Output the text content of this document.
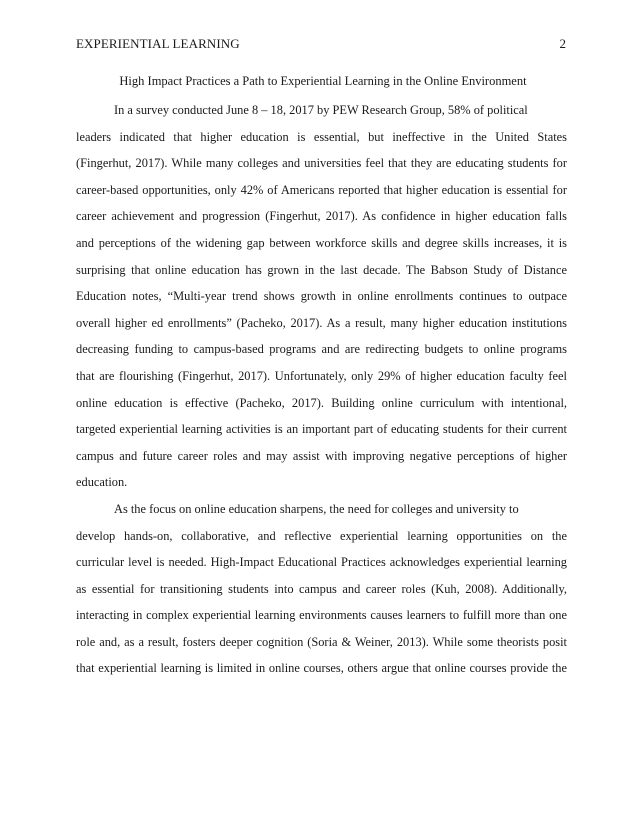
EXPERIENTIAL LEARNING	2
High Impact Practices a Path to Experiential Learning in the Online Environment
In a survey conducted June 8 – 18, 2017 by PEW Research Group, 58% of political
leaders indicated that higher education is essential, but ineffective in the United States
(Fingerhut, 2017). While many colleges and universities feel that they are educating students for
career-based opportunities, only 42% of Americans reported that higher education is essential for
career achievement and progression (Fingerhut, 2017). As confidence in higher education falls
and perceptions of the widening gap between workforce skills and degree skills increases, it is
surprising that online education has grown in the last decade. The Babson Study of Distance
Education notes, “Multi-year trend shows growth in online enrollments continues to outpace
overall higher ed enrollments” (Pacheko, 2017). As a result, many higher education institutions
decreasing funding to campus-based programs and are redirecting budgets to online programs
that are flourishing (Fingerhut, 2017). Unfortunately, only 29% of higher education faculty feel
online education is effective (Pacheko, 2017). Building online curriculum with intentional,
targeted experiential learning activities is an important part of educating students for their current
campus and future career roles and may assist with improving negative perceptions of higher
education.
As the focus on online education sharpens, the need for colleges and university to
develop hands-on, collaborative, and reflective experiential learning opportunities on the
curricular level is needed. High-Impact Educational Practices acknowledges experiential learning
as essential for transitioning students into campus and career roles (Kuh, 2008). Additionally,
interacting in complex experiential learning environments causes learners to fulfill more than one
role and, as a result, fosters deeper cognition (Soria & Weiner, 2013). While some theorists posit
that experiential learning is limited in online courses, others argue that online courses provide the
